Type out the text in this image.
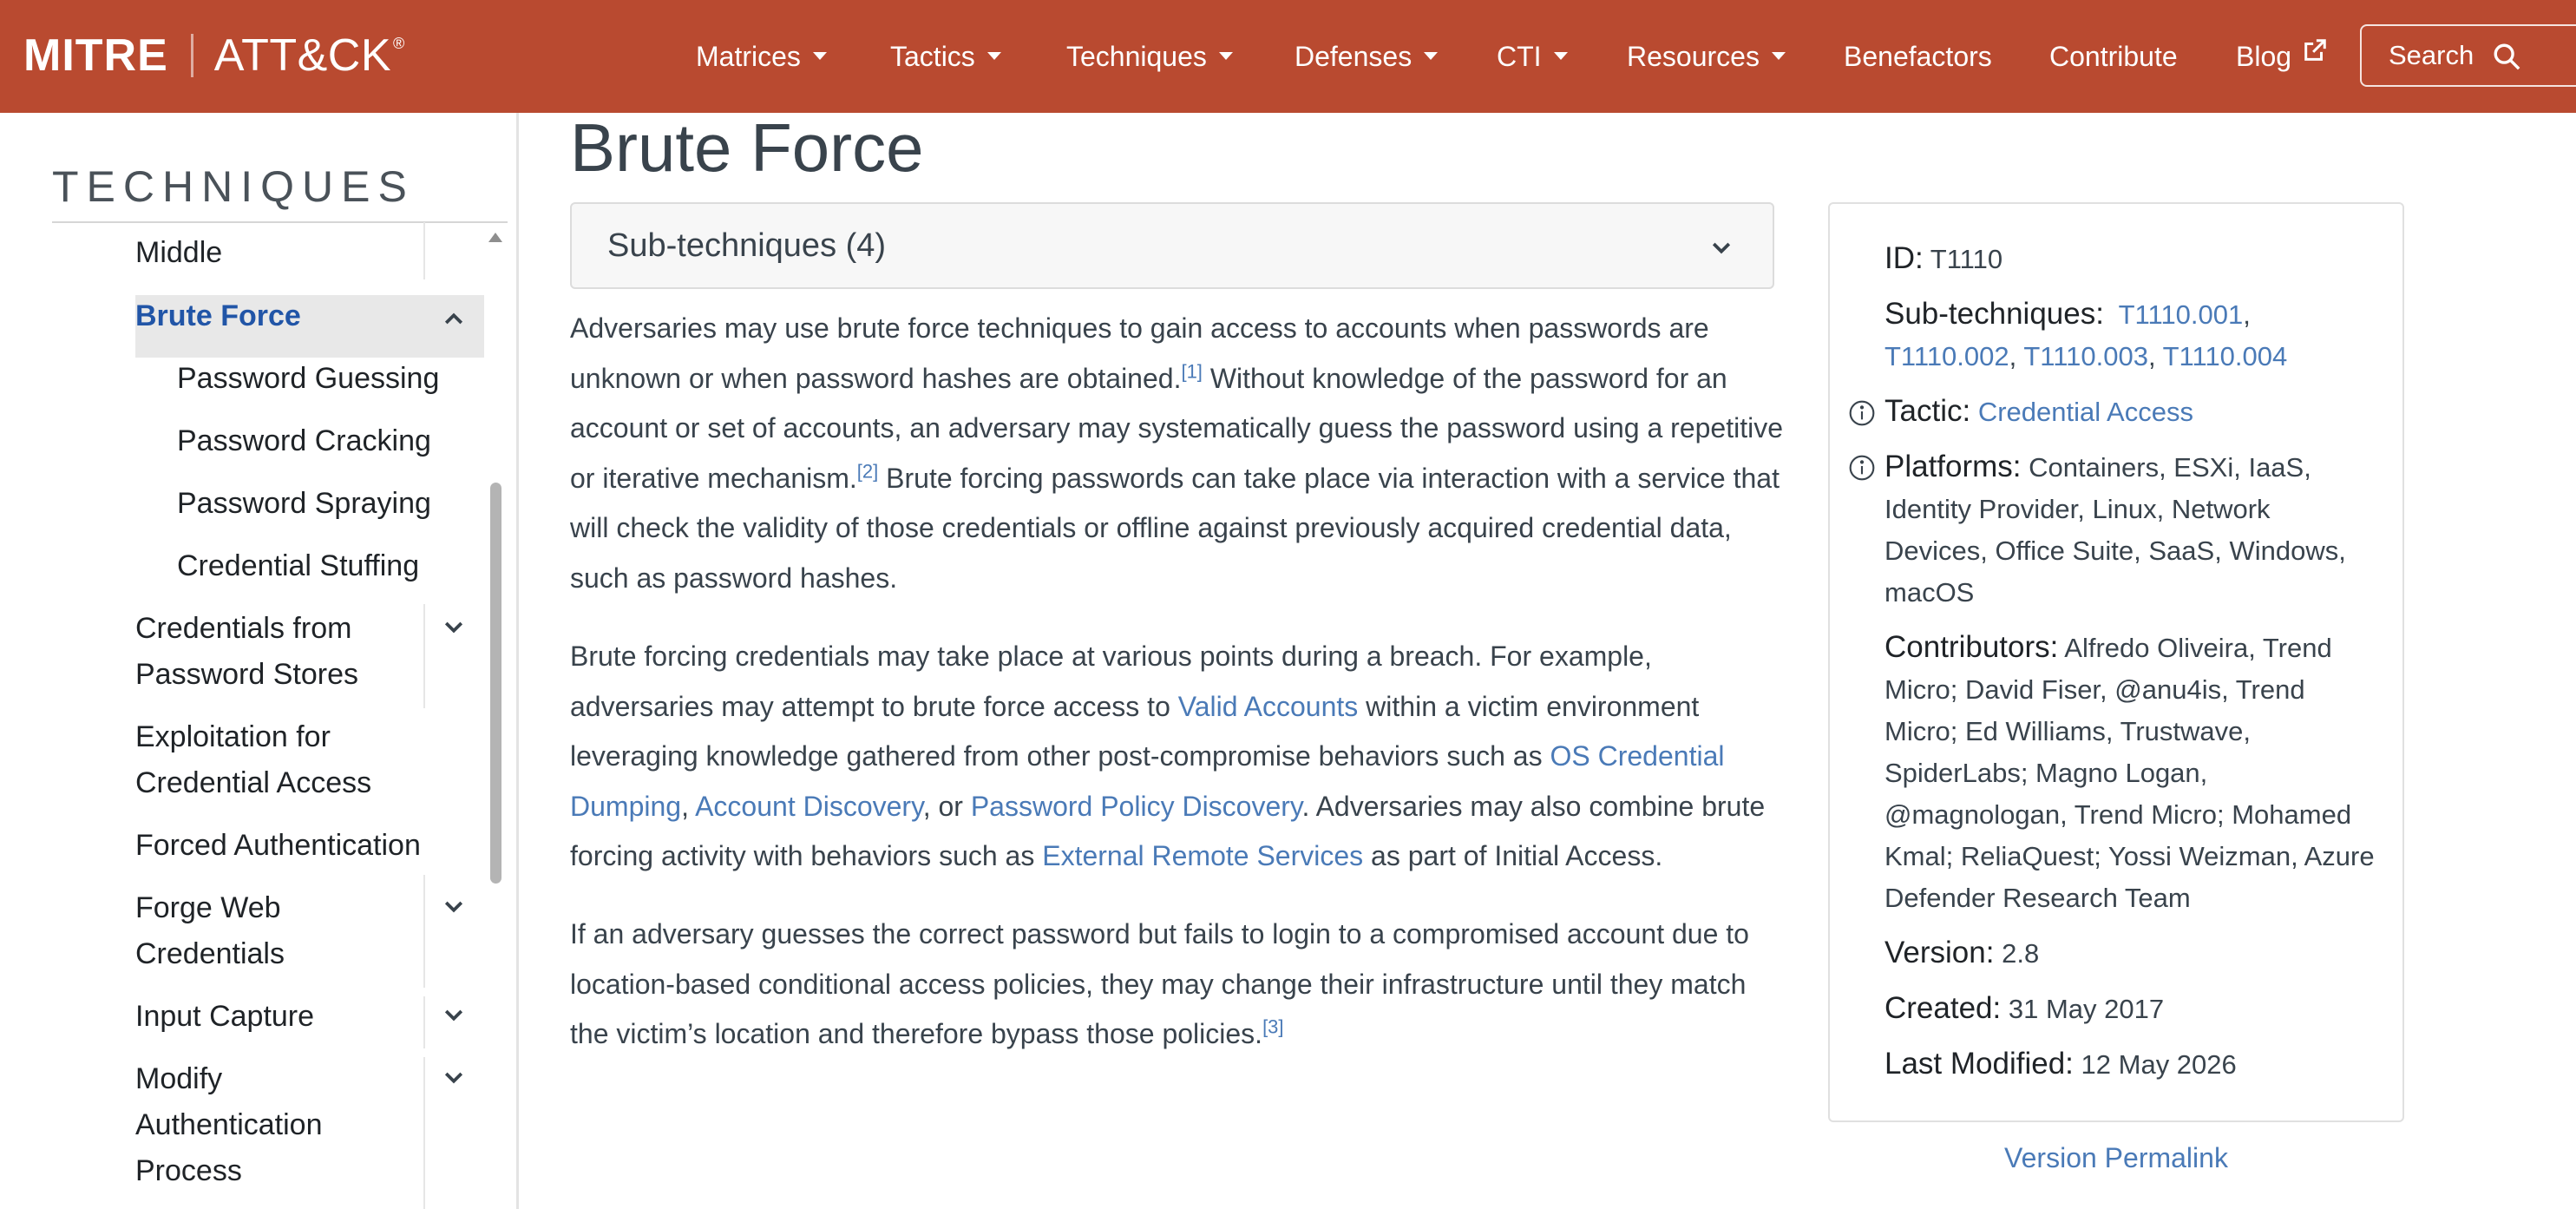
MITRE ATT&CK ®	Matrices	Tactics	Techniques	Defenses	CTI	Resources	Benefactors Contribute Blog	Search
TECHNIQUES
Middle
Brute Force
Password Guessing
Password Cracking
Password Spraying
Credential Stuffing
Credentials from
Password Stores
Exploitation for
Credential Access
Forced Authentication
Forge Web
Credentials
Input Capture
Modify
Authentication
Process
Brute Force
Sub-techniques (4)

Adversaries may use brute force techniques to gain access to accounts when passwords are unknown or when password hashes are obtained.[1] Without knowledge of the password for an account or set of accounts, an adversary may systematically guess the password using a repetitive or iterative mechanism.[2] Brute forcing passwords can take place via interaction with a service that will check the validity of those credentials or offline against previously acquired credential data, such as password hashes.

Brute forcing credentials may take place at various points during a breach. For example, adversaries may attempt to brute force access to Valid Accounts within a victim environment leveraging knowledge gathered from other post-compromise behaviors such as OS Credential Dumping, Account Discovery, or Password Policy Discovery. Adversaries may also combine brute forcing activity with behaviors such as External Remote Services as part of Initial Access.

If an adversary guesses the correct password but fails to login to a compromised account due to location-based conditional access policies, they may change their infrastructure until they match the victim’s location and therefore bypass those policies.[3]

ID: T1110
Sub-techniques: T1110.001, T1110.002, T1110.003, T1110.004
Tactic: Credential Access
Platforms: Containers, ESXi, IaaS, Identity Provider, Linux, Network Devices, Office Suite, SaaS, Windows, macOS
Contributors: Alfredo Oliveira, Trend Micro; David Fiser, @anu4is, Trend Micro; Ed Williams, Trustwave, SpiderLabs; Magno Logan, @magnologan, Trend Micro; Mohamed Kmal; ReliaQuest; Yossi Weizman, Azure Defender Research Team
Version: 2.8
Created: 31 May 2017
Last Modified: 12 May 2026
Version Permalink
